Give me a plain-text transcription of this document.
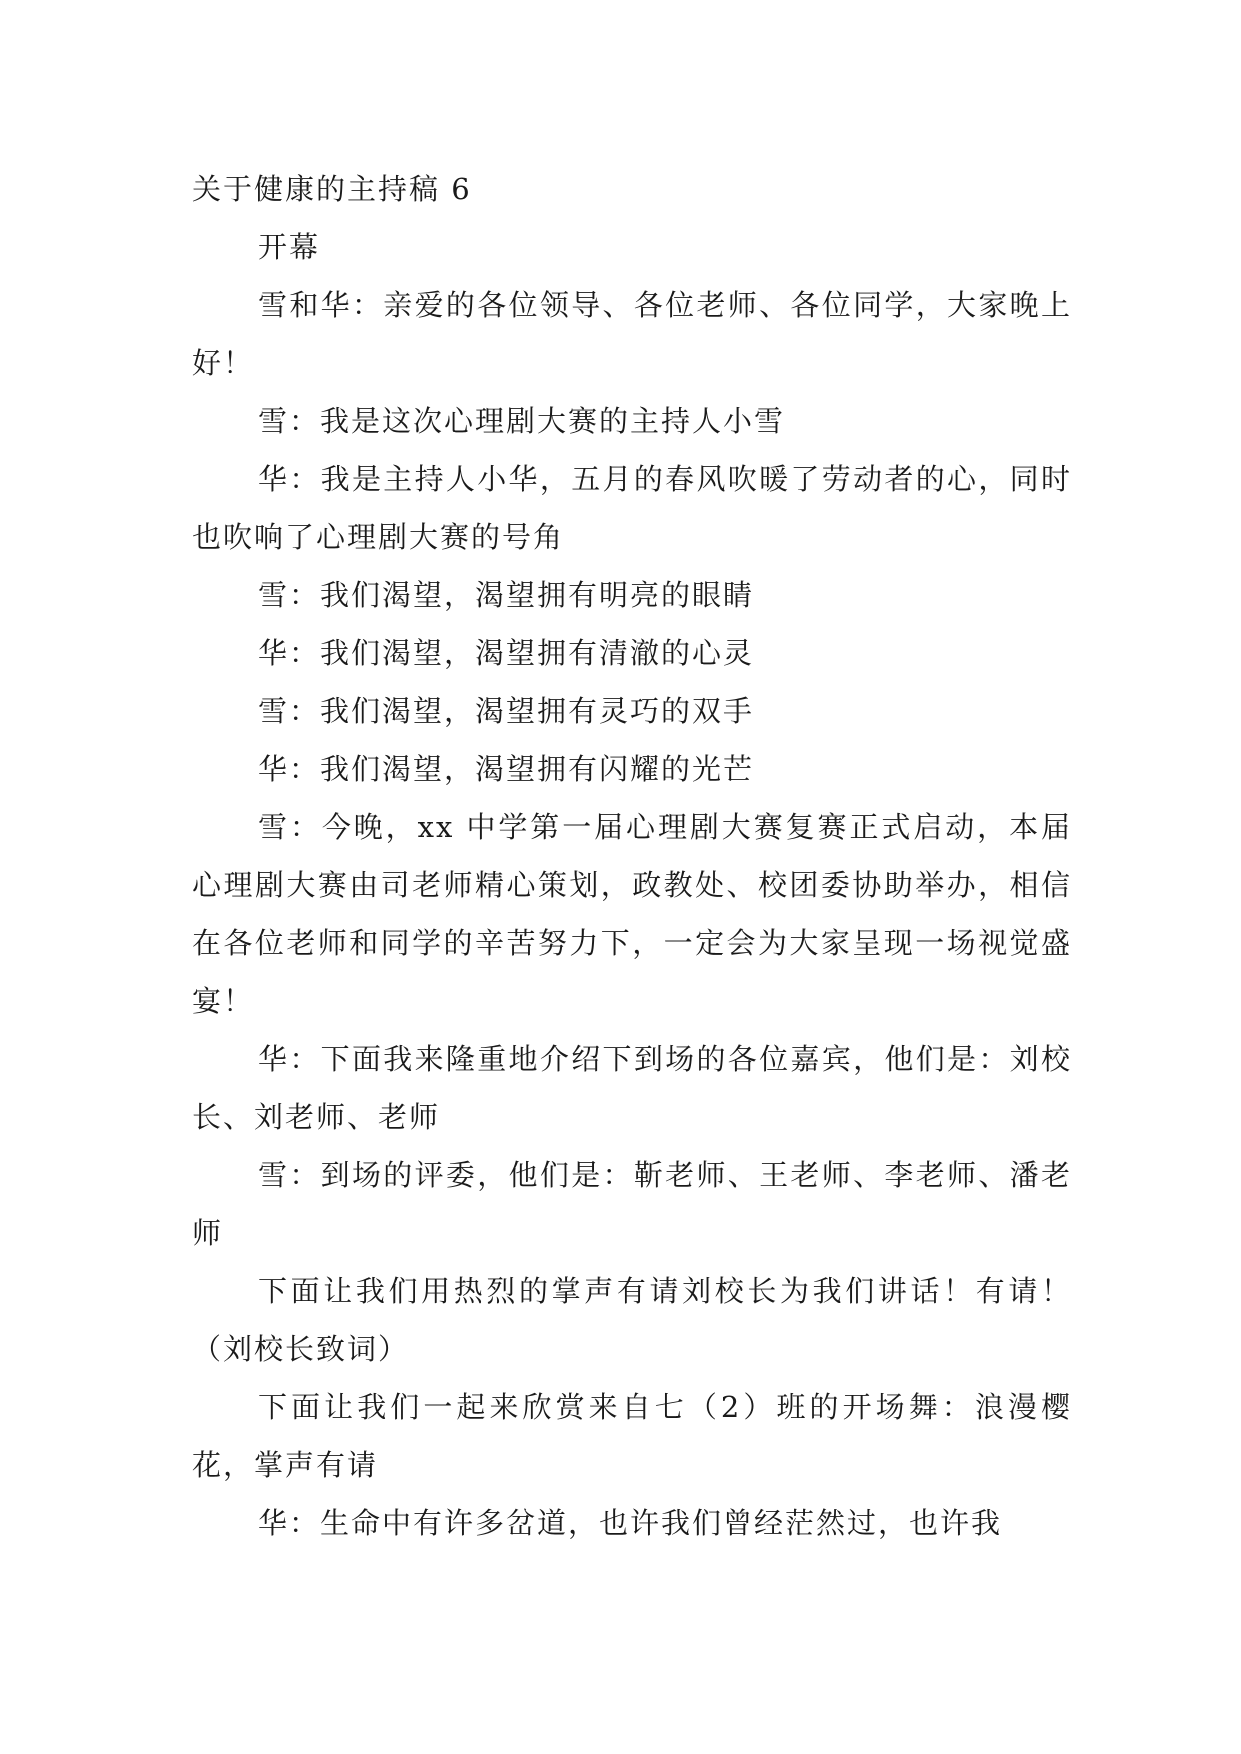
关于健康的主持稿 6

开幕

雪和华：亲爱的各位领导、各位老师、各位同学，大家晚上好！

雪：我是这次心理剧大赛的主持人小雪

华：我是主持人小华，五月的春风吹暖了劳动者的心，同时也吹响了心理剧大赛的号角

雪：我们渴望，渴望拥有明亮的眼睛

华：我们渴望，渴望拥有清澈的心灵

雪：我们渴望，渴望拥有灵巧的双手

华：我们渴望，渴望拥有闪耀的光芒

雪：今晚，xx 中学第一届心理剧大赛复赛正式启动，本届心理剧大赛由司老师精心策划，政教处、校团委协助举办，相信在各位老师和同学的辛苦努力下，一定会为大家呈现一场视觉盛宴！

华：下面我来隆重地介绍下到场的各位嘉宾，他们是：刘校长、刘老师、老师

雪：到场的评委，他们是：靳老师、王老师、李老师、潘老师

下面让我们用热烈的掌声有请刘校长为我们讲话！有请！（刘校长致词）

下面让我们一起来欣赏来自七（2）班的开场舞：浪漫樱花，掌声有请

华：生命中有许多岔道，也许我们曾经茫然过，也许我
